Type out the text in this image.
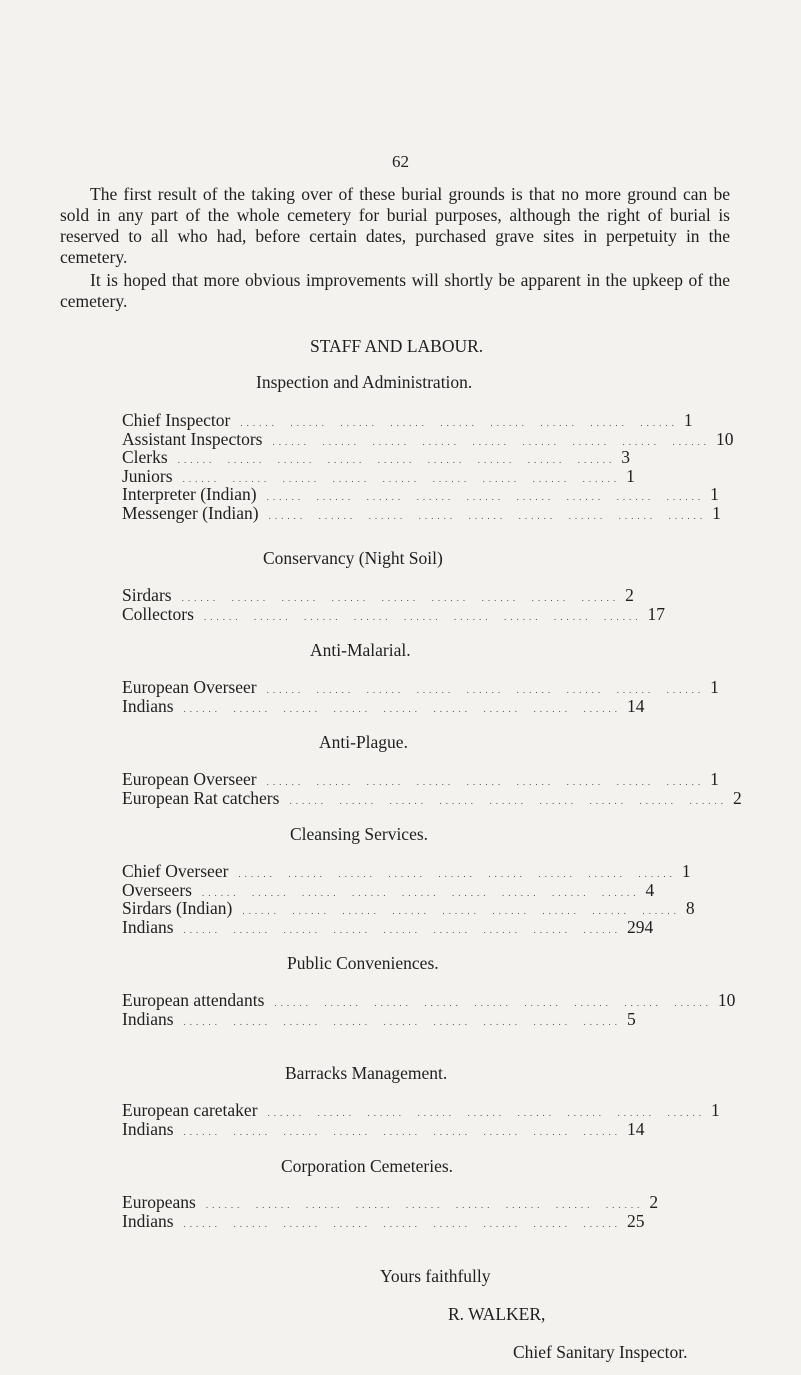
62

The first result of the taking over of these burial grounds is that no more ground can be sold in any part of the whole cemetery for burial purposes, although the right of burial is reserved to all who had, before certain dates, purchased grave sites in perpetuity in the cemetery.

It is hoped that more obvious improvements will shortly be apparent in the upkeep of the cemetery.

STAFF AND LABOUR.
Inspection and Administration.
Chief Inspector ......  ......  ......  ......  ......  ......  ......  ......  ...... 1
Assistant Inspectors ......  ......  ......  ......  ......  ......  ......  ......  ...... 10
Clerks ......  ......  ......  ......  ......  ......  ......  ......  ...... 3
Juniors ......  ......  ......  ......  ......  ......  ......  ......  ...... 1
Interpreter (Indian) ......  ......  ......  ......  ......  ......  ......  ......  ...... 1
Messenger (Indian) ......  ......  ......  ......  ......  ......  ......  ......  ...... 1
Conservancy (Night Soil)
Sirdars ......  ......  ......  ......  ......  ......  ......  ......  ...... 2
Collectors ......  ......  ......  ......  ......  ......  ......  ......  ...... 17
Anti-Malarial.
European Overseer ......  ......  ......  ......  ......  ......  ......  ......  ...... 1
Indians ......  ......  ......  ......  ......  ......  ......  ......  ...... 14
Anti-Plague.
European Overseer ......  ......  ......  ......  ......  ......  ......  ......  ...... 1
European Rat catchers ......  ......  ......  ......  ......  ......  ......  ......  ...... 2
Cleansing Services.
Chief Overseer ......  ......  ......  ......  ......  ......  ......  ......  ...... 1
Overseers ......  ......  ......  ......  ......  ......  ......  ......  ...... 4
Sirdars (Indian) ......  ......  ......  ......  ......  ......  ......  ......  ...... 8
Indians ......  ......  ......  ......  ......  ......  ......  ......  ...... 294
Public Conveniences.
European attendants ......  ......  ......  ......  ......  ......  ......  ......  ...... 10
Indians ......  ......  ......  ......  ......  ......  ......  ......  ...... 5
Barracks Management.
European caretaker ......  ......  ......  ......  ......  ......  ......  ......  ...... 1
Indians ......  ......  ......  ......  ......  ......  ......  ......  ...... 14
Corporation Cemeteries.
Europeans ......  ......  ......  ......  ......  ......  ......  ......  ...... 2
Indians ......  ......  ......  ......  ......  ......  ......  ......  ...... 25
Yours faithfully
R. WALKER,
Chief Sanitary Inspector.
